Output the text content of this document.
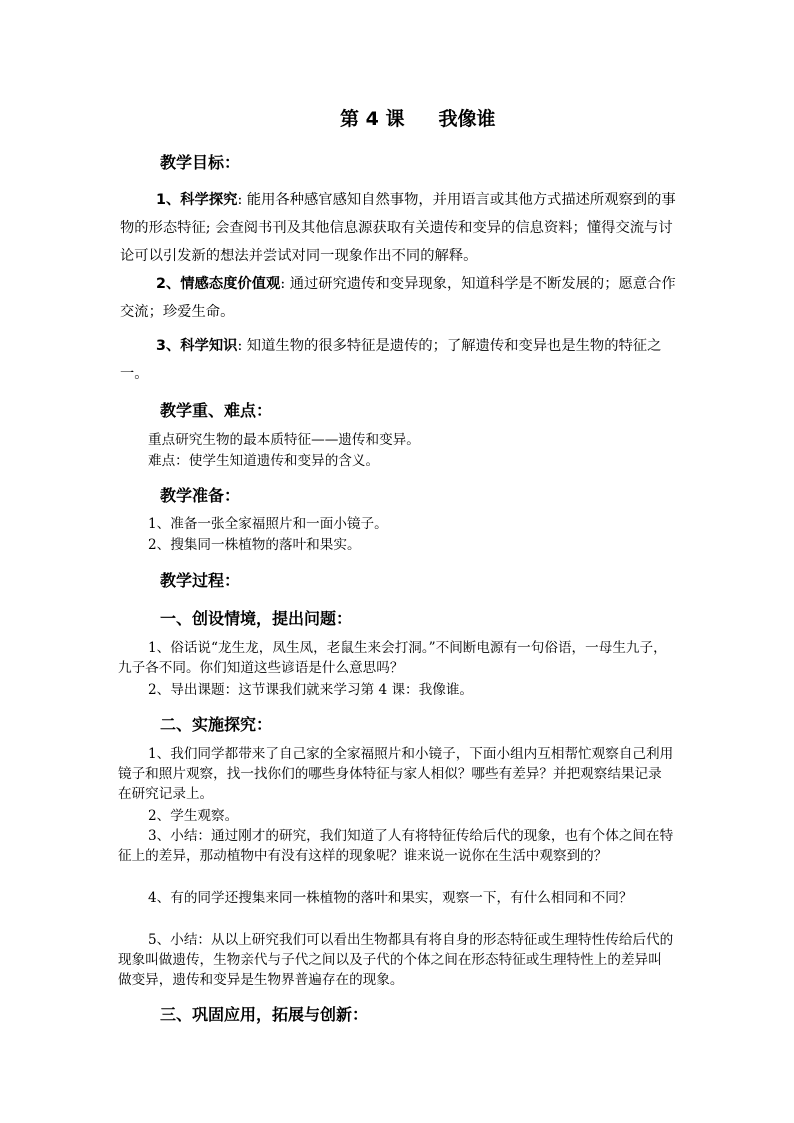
第 4 课 我像谁
教学目标：

1、科学探究: 能用各种感官感知自然事物，并用语言或其他方式描述所观察到的事物的形态特征; 会查阅书刊及其他信息源获取有关遗传和变异的信息资料；懂得交流与讨论可以引发新的想法并尝试对同一现象作出不同的解释。

2、情感态度价值观: 通过研究遗传和变异现象，知道科学是不断发展的；愿意合作交流；珍爱生命。

3、科学知识: 知道生物的很多特征是遗传的；了解遗传和变异也是生物的特征之一。

教学重、难点：
重点研究生物的最本质特征——遗传和变异。
难点：使学生知道遗传和变异的含义。
教学准备：
1、准备一张全家福照片和一面小镜子。
2、搜集同一株植物的落叶和果实。
教学过程：
一、创设情境，提出问题：

1、俗话说“龙生龙，凤生凤，老鼠生来会打洞。”不间断电源有一句俗语，一母生九子，九子各不同。你们知道这些谚语是什么意思吗？

2、导出课题：这节课我们就来学习第 4 课：我像谁。

二、实施探究：

1、我们同学都带来了自己家的全家福照片和小镜子，下面小组内互相帮忙观察自己利用镜子和照片观察，找一找你们的哪些身体特征与家人相似？哪些有差异？并把观察结果记录在研究记录上。

2、学生观察。

3、小结：通过刚才的研究，我们知道了人有将特征传给后代的现象，也有个体之间在特征上的差异，那动植物中有没有这样的现象呢？谁来说一说你在生活中观察到的？

4、有的同学还搜集来同一株植物的落叶和果实，观察一下，有什么相同和不同？

5、小结：从以上研究我们可以看出生物都具有将自身的形态特征或生理特性传给后代的现象叫做遗传，生物亲代与子代之间以及子代的个体之间在形态特征或生理特性上的差异叫做变异，遗传和变异是生物界普遍存在的现象。

三、巩固应用，拓展与创新：
